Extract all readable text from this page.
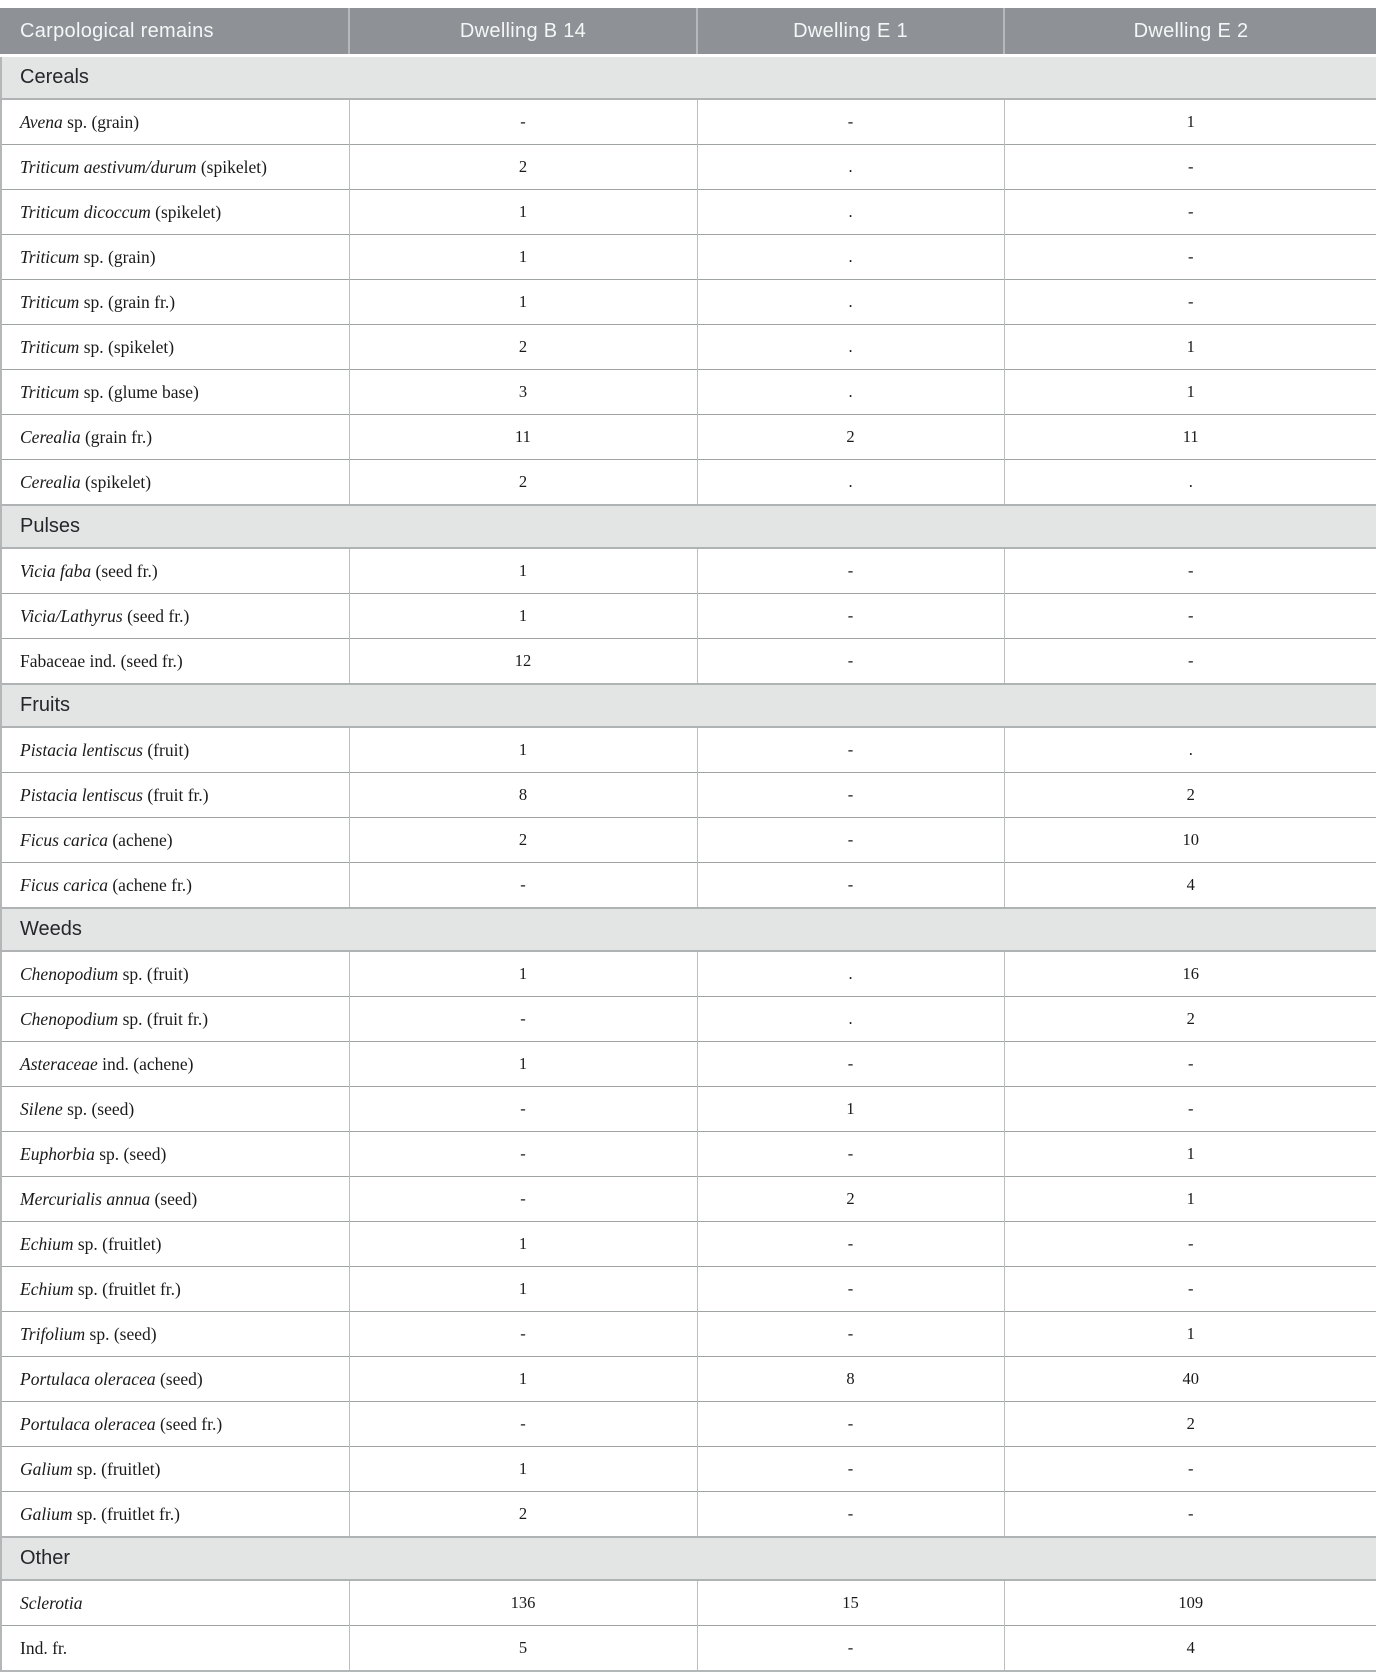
Carpological remains	Dwelling B 14	Dwelling E 1	Dwelling E 2
Cereals			
Avena sp. (grain)	-	-	1
Triticum aestivum/durum (spikelet)	2	.	-
Triticum dicoccum (spikelet)	1	.	-
Triticum sp. (grain)	1	.	-
Triticum sp. (grain fr.)	1	.	-
Triticum sp. (spikelet)	2	.	1
Triticum sp. (glume base)	3	.	1
Cerealia (grain fr.)	11	2	11
Cerealia (spikelet)	2	.	.
Pulses			
Vicia faba (seed fr.)	1	-	-
Vicia/Lathyrus (seed fr.)	1	-	-
Fabaceae ind. (seed fr.)	12	-	-
Fruits			
Pistacia lentiscus (fruit)	1	-	.
Pistacia lentiscus (fruit fr.)	8	-	2
Ficus carica (achene)	2	-	10
Ficus carica (achene fr.)	-	-	4
Weeds			
Chenopodium sp. (fruit)	1	.	16
Chenopodium sp. (fruit fr.)	-	.	2
Asteraceae ind. (achene)	1	-	-
Silene sp. (seed)	-	1	-
Euphorbia sp. (seed)	-	-	1
Mercurialis annua (seed)	-	2	1
Echium sp. (fruitlet)	1	-	-
Echium sp. (fruitlet fr.)	1	-	-
Trifolium sp. (seed)	-	-	1
Portulaca oleracea (seed)	1	8	40
Portulaca oleracea (seed fr.)	-	-	2
Galium sp. (fruitlet)	1	-	-
Galium sp. (fruitlet fr.)	2	-	-
Other			
Sclerotia	136	15	109
Ind. fr.	5	-	4
